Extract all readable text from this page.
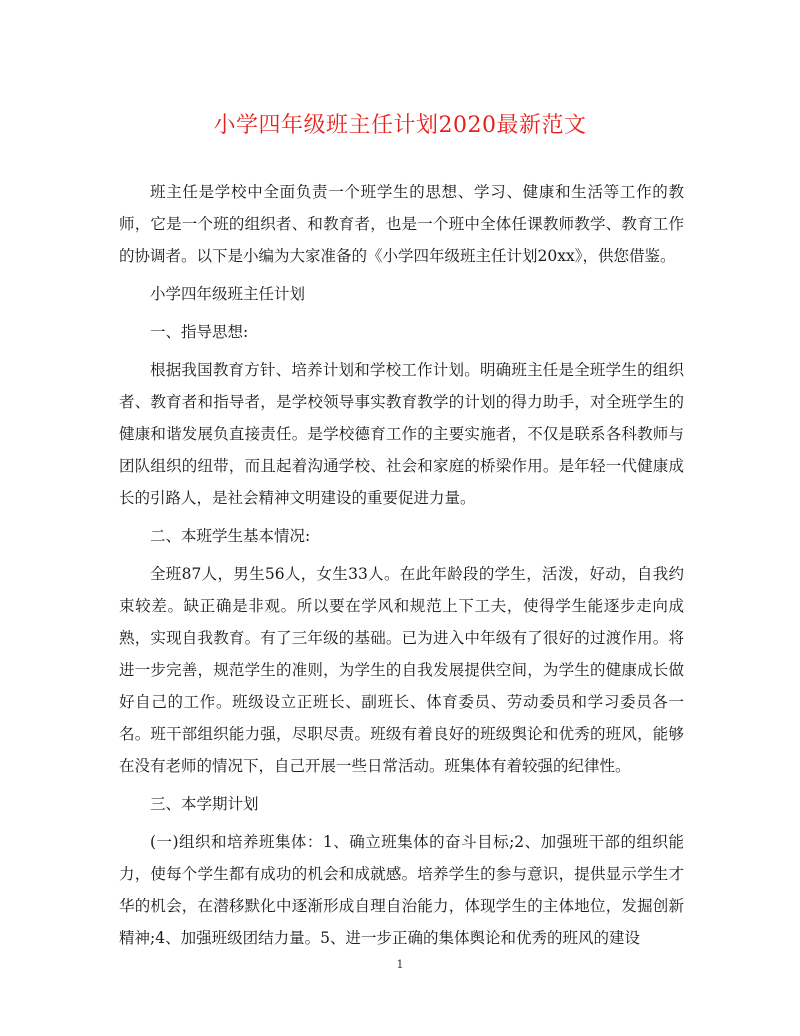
小学四年级班主任计划2020最新范文

班主任是学校中全面负责一个班学生的思想、学习、健康和生活等工作的教师，它是一个班的组织者、和教育者，也是一个班中全体任课教师教学、教育工作的协调者。以下是小编为大家准备的《小学四年级班主任计划20xx》，供您借鉴。

小学四年级班主任计划

一、指导思想:

根据我国教育方针、培养计划和学校工作计划。明确班主任是全班学生的组织者、教育者和指导者，是学校领导事实教育教学的计划的得力助手，对全班学生的健康和谐发展负直接责任。是学校德育工作的主要实施者，不仅是联系各科教师与团队组织的纽带，而且起着沟通学校、社会和家庭的桥梁作用。是年轻一代健康成长的引路人，是社会精神文明建设的重要促进力量。

二、本班学生基本情况:

全班87人，男生56人，女生33人。在此年龄段的学生，活泼，好动，自我约束较差。缺正确是非观。所以要在学风和规范上下工夫，使得学生能逐步走向成熟，实现自我教育。有了三年级的基础。已为进入中年级有了很好的过渡作用。将进一步完善，规范学生的准则，为学生的自我发展提供空间，为学生的健康成长做好自己的工作。班级设立正班长、副班长、体育委员、劳动委员和学习委员各一名。班干部组织能力强，尽职尽责。班级有着良好的班级舆论和优秀的班风，能够在没有老师的情况下，自己开展一些日常活动。班集体有着较强的纪律性。

三、本学期计划

(一)组织和培养班集体：1、确立班集体的奋斗目标;2、加强班干部的组织能力，使每个学生都有成功的机会和成就感。培养学生的参与意识，提供显示学生才华的机会，在潜移默化中逐渐形成自理自治能力，体现学生的主体地位，发掘创新精神;4、加强班级团结力量。5、进一步正确的集体舆论和优秀的班风的建设

1
